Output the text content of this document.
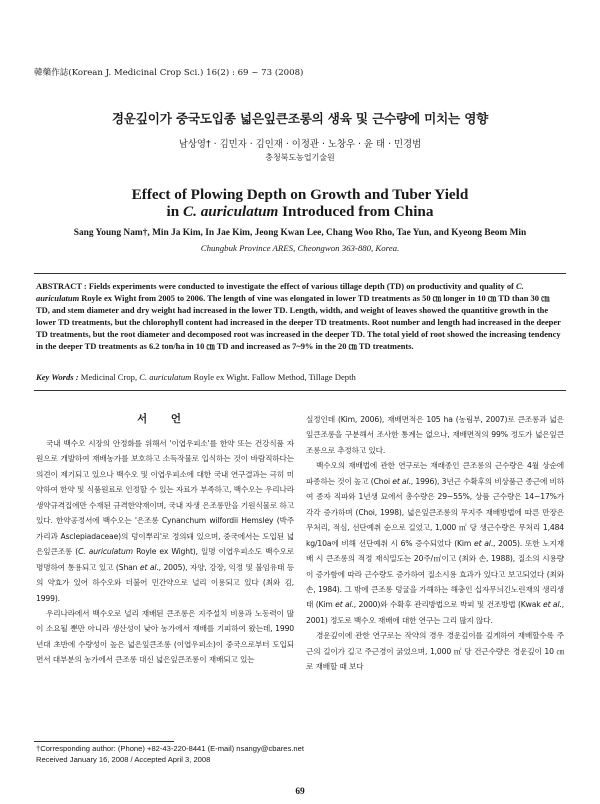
韓藥作誌(Korean J. Medicinal Crop Sci.) 16(2) : 69 ~ 73 (2008)
경운깊이가 중국도입종 넓은잎큰조롱의 생육 및 근수량에 미치는 영향
남상영† · 김민자 · 김인재 · 이정관 · 노창우 · 윤 태 · 민경범
충청북도농업기술원
Effect of Plowing Depth on Growth and Tuber Yield
in C. auriculatum Introduced from China
Sang Young Nam†, Min Ja Kim, In Jae Kim, Jeong Kwan Lee, Chang Woo Rho, Tae Yun, and Kyeong Beom Min
Chungbuk Province ARES, Cheongwon 363-880, Korea.
ABSTRACT : Fields experiments were conducted to investigate the effect of various tillage depth (TD) on productivity and quality of C. auriculatum Royle ex Wight from 2005 to 2006. The length of vine was elongated in lower TD treatments as 50 ㎝ longer in 10 ㎝ TD than 30 ㎝ TD, and stem diameter and dry weight had increased in the lower TD. Length, width, and weight of leaves showed the quantitive growth in the lower TD treatments, but the chlorophyll content had increased in the deeper TD treatments. Root number and length had increased in the deeper TD treatments, but the root diameter and decomposed root was increased in the deeper TD. The total yield of root showed the increasing tendency in the deeper TD treatments as 6.2 ton/ha in 10 ㎝ TD and increased as 7~9% in the 20 ㎝ TD treatments.
Key Words : Medicinal Crop, C. auriculatum Royle ex Wight. Fallow Method, Tillage Depth
서 언

국내 백수오 시장의 안정화를 위해서 '이엽우피소'를 한약 또는 건강식품 자원으로 개발하여 재배농가를 보호하고 소득작물로 입식하는 것이 바람직하다는 의견이 제기되고 있으나 백수오 및 이엽우피소에 대한 국내 연구결과는 극히 미약하여 한약 및 식품원료로 인정할 수 있는 자료가 부족하고, 백수오는 우리나라 생약규격집에만 수재된 규격한약재이며, 국내 자생 은조롱만을 기원식물로 하고 있다. 한약공정서에 백수오는 '은조롱 Cynanchum wilfordii Hemsley (박주가리과 Asclepiadaceae)의 덩이뿌리'로 정의돼 있으며, 중국에서는 도입된 넓은잎큰조롱 (C. auriculatum Royle ex Wight), 일명 이엽우피소도 백수오로 명명하여 통용되고 있고 (Shan et al., 2005), 자양, 강장, 익정 및 불임유태 등의 약효가 있어 하수오와 더불어 민간약으로 널리 이용되고 있다 (최와 김, 1999).

우리나라에서 백수오로 널리 재배된 큰조롱은 지주설치 비용과 노동력이 많이 소요될 뿐만 아니라 생산성이 낮아 농가에서 재배를 기피하여 왔는데, 1990년대 초반에 수량성이 높은 넓은잎큰조롱 (이엽우피소)이 중국으로부터 도입되면서 대부분의 농가에서 큰조롱 대신 넓은잎큰조롱이 재배되고 있는

실정인데 (Kim, 2006), 재배면적은 105 ha (농림부, 2007)로 큰조롱과 넓은잎큰조롱을 구분해서 조사한 통계는 없으나, 재배면적의 99% 정도가 넓은잎큰조롱으로 추정하고 있다.

백수오의 재배법에 관한 연구로는 재래종인 큰조롱의 근수량은 4월 상순에 파종하는 것이 높고 (Choi et al., 1996), 3년근 수확후의 비상품근 종근에 비하여 종자 직파와 1년생 묘에서 총수량은 29~55%, 상품 근수량은 14~17%가 각각 증가하며 (Choi, 1998), 넓은잎큰조롱의 무지주 재배방법에 따른 만장은 무처리, 적심, 선단예취 순으로 길었고, 1,000 ㎡ 당 생근수량은 무처리 1,484 kg/10a에 비해 선단예취 시 6% 증수되었다 (Kim et al., 2005). 또한 노지재배 시 큰조롱의 적정 재식밀도는 20주/㎡이고 (최와 손, 1988), 질소의 시용량이 증가함에 따라 근수량도 증가하여 질소시용 효과가 있다고 보고되었다 (최와 손, 1984). 그 밖에 큰조롱 덩굴을 가해하는 해충인 십자무늬긴노린재의 생리생태 (Kim et al., 2000)와 수확후 관리방법으로 박피 및 건조방법 (Kwak et al., 2001) 정도로 백수오 재배에 대한 연구는 그리 많지 않다.

경운깊이에 관한 연구로는 작약의 경우 경운깊이를 깊게하여 재배할수록 주근의 길이가 길고 주근경이 굵었으며, 1,000 ㎡ 당 건근수량은 경운깊이 10 ㎝로 재배할 때 보다

†Corresponding author: (Phone) +82-43-220-8441 (E-mail) nsangy@cbares.net
Received January 16, 2008 / Accepted April 3, 2008
69
